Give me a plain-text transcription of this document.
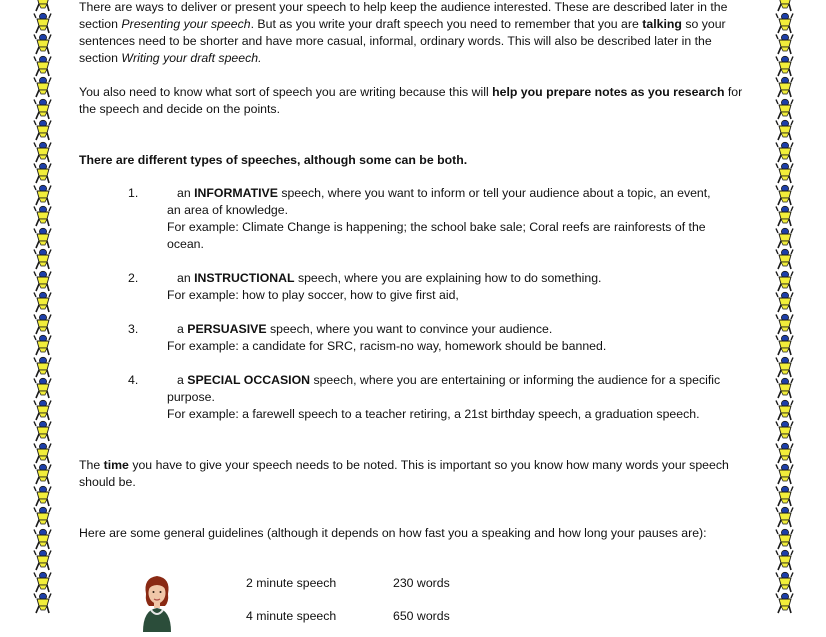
There are ways to deliver or present your speech to help keep the audience interested. These are described later in the section Presenting your speech. But as you write your draft speech you need to remember that you are talking so your sentences need to be shorter and have more casual, informal, ordinary words. This will also be described later in the section Writing your draft speech.

You also need to know what sort of speech you are writing because this will help you prepare notes as you research for the speech and decide on the points.

There are different types of speeches, although some can be both.

1.	an INFORMATIVE speech, where you want to inform or tell your audience about a topic, an event,
an area of knowledge.
For example: Climate Change is happening; the school bake sale; Coral reefs are rainforests of the
ocean.
2.	an INSTRUCTIONAL speech, where you are explaining how to do something.
For example: how to play soccer, how to give first aid,
3.	a PERSUASIVE speech, where you want to convince your audience.
For example: a candidate for SRC, racism-no way, homework should be banned.
4.	a SPECIAL OCCASION speech, where you are entertaining or informing the audience for a specific
purpose.
For example: a farewell speech to a teacher retiring, a 21st birthday speech, a graduation speech.

The time you have to give your speech needs to be noted. This is important so you know how many words your speech should be.

Here are some general guidelines (although it depends on how fast you a speaking and how long your pauses are):

2 minute speech	230 words
4 minute speech	650 words
